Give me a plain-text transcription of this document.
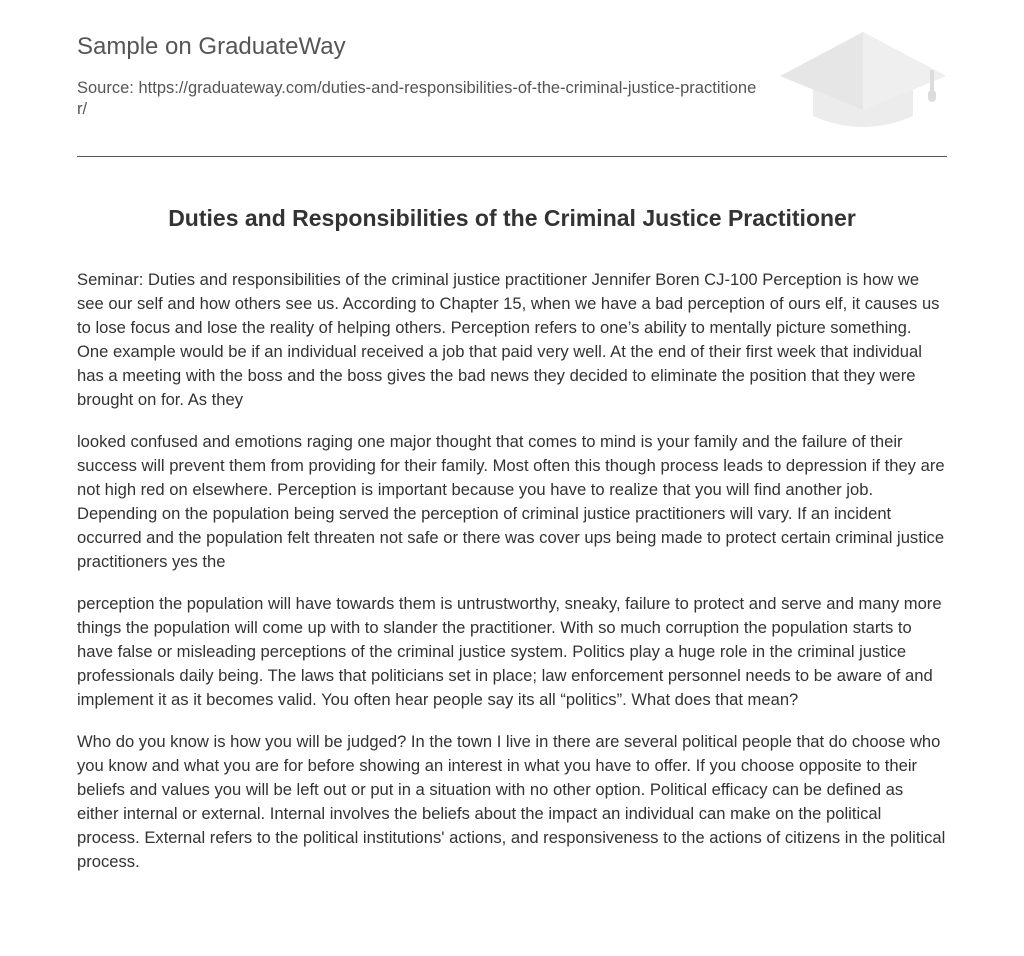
Sample on GraduateWay
Source: https://graduateway.com/duties-and-responsibilities-of-the-criminal-justice-practitioner/
Duties and Responsibilities of the Criminal Justice Practitioner

Seminar: Duties and responsibilities of the criminal justice practitioner Jennifer Boren CJ-100 Perception is how we see our self and how others see us. According to Chapter 15, when we have a bad perception of ours elf, it causes us to lose focus and lose the reality of helping others. Perception refers to one’s ability to mentally picture something. One example would be if an individual received a job that paid very well. At the end of their first week that individual has a meeting with the boss and the boss gives the bad news they decided to eliminate the position that they were brought on for. As they

looked confused and emotions raging one major thought that comes to mind is your family and the failure of their success will prevent them from providing for their family. Most often this though process leads to depression if they are not high red on elsewhere. Perception is important because you have to realize that you will find another job. Depending on the population being served the perception of criminal justice practitioners will vary. If an incident occurred and the population felt threaten not safe or there was cover ups being made to protect certain criminal justice practitioners yes the

perception the population will have towards them is untrustworthy, sneaky, failure to protect and serve and many more things the population will come up with to slander the practitioner. With so much corruption the population starts to have false or misleading perceptions of the criminal justice system. Politics play a huge role in the criminal justice professionals daily being. The laws that politicians set in place; law enforcement personnel needs to be aware of and implement it as it becomes valid. You often hear people say its all “politics”. What does that mean?

Who do you know is how you will be judged? In the town I live in there are several political people that do choose who you know and what you are for before showing an interest in what you have to offer. If you choose opposite to their beliefs and values you will be left out or put in a situation with no other option. Political efficacy can be defined as either internal or external. Internal involves the beliefs about the impact an individual can make on the political process. External refers to the political institutions' actions, and responsiveness to the actions of citizens in the political process.
